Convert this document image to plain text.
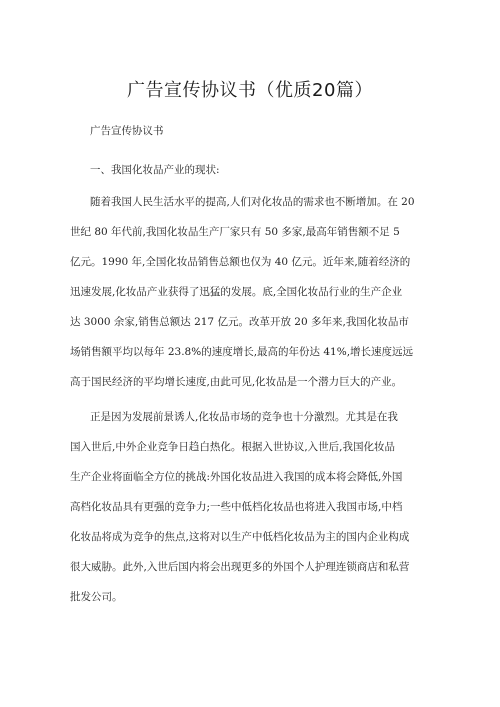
广告宣传协议书（优质20篇）
广告宣传协议书
一、我国化妆品产业的现状:
随着我国人民生活水平的提高,人们对化妆品的需求也不断增加。在 20
世纪 80 年代前,我国化妆品生产厂家只有 50 多家,最高年销售额不足 5
亿元。1990 年,全国化妆品销售总额也仅为 40 亿元。近年来,随着经济的
迅速发展,化妆品产业获得了迅猛的发展。底,全国化妆品行业的生产企业
达 3000 余家,销售总额达 217 亿元。改革开放 20 多年来,我国化妆品市
场销售额平均以每年 23.8%的速度增长,最高的年份达 41%,增长速度远远
高于国民经济的平均增长速度,由此可见,化妆品是一个潜力巨大的产业。
正是因为发展前景诱人,化妆品市场的竞争也十分激烈。尤其是在我
国入世后,中外企业竞争日趋白热化。根据入世协议,入世后,我国化妆品
生产企业将面临全方位的挑战:外国化妆品进入我国的成本将会降低,外国
高档化妆品具有更强的竞争力;一些中低档化妆品也将进入我国市场,中档
化妆品将成为竞争的焦点,这将对以生产中低档化妆品为主的国内企业构成
很大威胁。此外,入世后国内将会出现更多的外国个人护理连锁商店和私营
批发公司。
